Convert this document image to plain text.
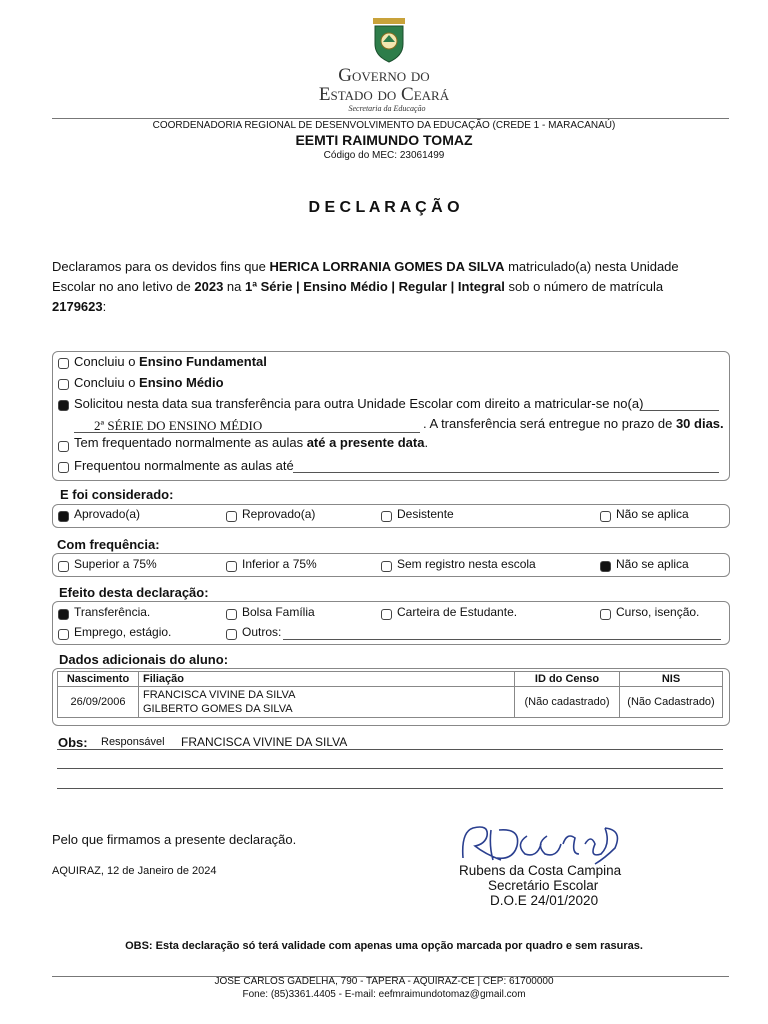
Governo do
Estado do Ceará
Secretaria da Educação
COORDENADORIA REGIONAL DE DESENVOLVIMENTO DA EDUCAÇÃO (CREDE 1 - MARACANAÚ)
EEMTI RAIMUNDO TOMAZ
Código do MEC: 23061499
D E C L A R A Ç Ã O
Declaramos para os devidos fins que HERICA LORRANIA GOMES DA SILVA matriculado(a) nesta Unidade Escolar no ano letivo de 2023 na 1ª Série | Ensino Médio | Regular | Integral sob o número de matrícula 2179623:
Concluiu o Ensino Fundamental
Concluiu o Ensino Médio
Solicitou nesta data sua transferência para outra Unidade Escolar com direito a matricular-se no(a)
2ª SÉRIE DO ENSINO MÉDIO	. A transferência será entregue no prazo de 30 dias.
Tem frequentado normalmente as aulas até a presente data.
Frequentou normalmente as aulas até
E foi considerado:
Aprovado(a)	Reprovado(a)	Desistente	Não se aplica
Com frequência:
Superior a 75%	Inferior a 75%	Sem registro nesta escola	Não se aplica
Efeito desta declaração:
Transferência.	Bolsa Família	Carteira de Estudante.	Curso, isenção.
Emprego, estágio.	Outros:
Dados adicionais do aluno:
Nascimento	Filiação	ID do Censo	NIS
26/09/2006	FRANCISCA VIVINE DA SILVA
GILBERTO GOMES DA SILVA	(Não cadastrado)	(Não Cadastrado)
Obs: Responsável FRANCISCA VIVINE DA SILVA
Pelo que firmamos a presente declaração.
AQUIRAZ, 12 de Janeiro de 2024	Rubens da Costa Campina
Secretário Escolar
D.O.E 24/01/2020
OBS: Esta declaração só terá validade com apenas uma opção marcada por quadro e sem rasuras.
JOSE CARLOS GADELHA, 790 - TAPERA - AQUIRAZ-CE | CEP: 61700000
Fone: (85)3361.4405 - E-mail: eefmraimundotomaz@gmail.com
